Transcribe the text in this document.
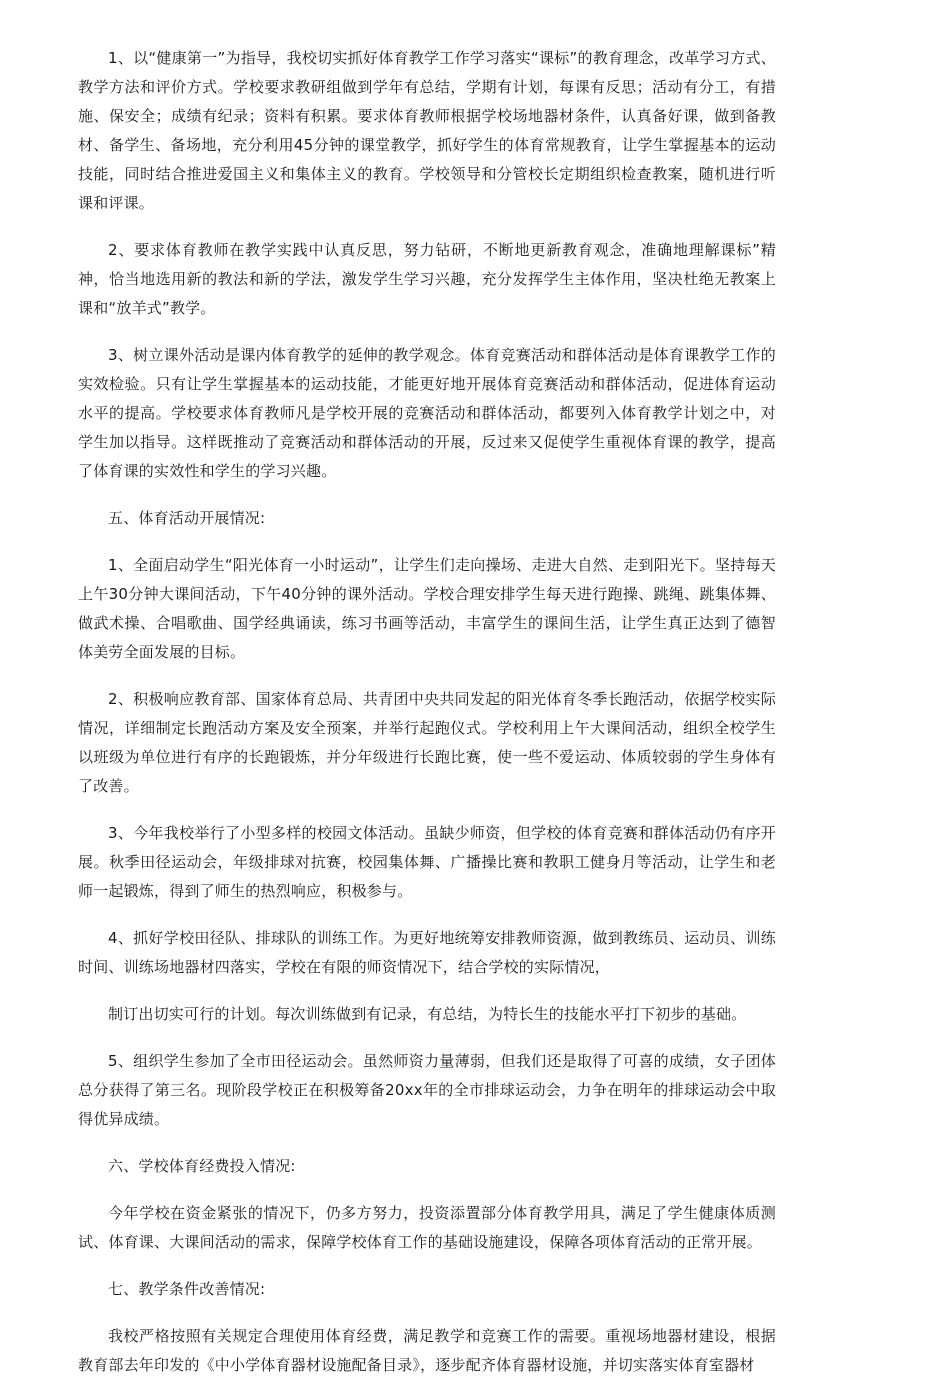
1、以“健康第一”为指导，我校切实抓好体育教学工作学习落实“课标”的教育理念，改革学习方式、教学方法和评价方式。学校要求教研组做到学年有总结，学期有计划，每课有反思；活动有分工，有措施、保安全；成绩有纪录；资料有积累。要求体育教师根据学校场地器材条件，认真备好课，做到备教材、备学生、备场地，充分利用45分钟的课堂教学，抓好学生的体育常规教育，让学生掌握基本的运动技能，同时结合推进爱国主义和集体主义的教育。学校领导和分管校长定期组织检查教案，随机进行听课和评课。

2、要求体育教师在教学实践中认真反思，努力钻研，不断地更新教育观念，准确地理解课标”精神，恰当地选用新的教法和新的学法，激发学生学习兴趣，充分发挥学生主体作用，坚决杜绝无教案上课和“放羊式”教学。

3、树立课外活动是课内体育教学的延伸的教学观念。体育竞赛活动和群体活动是体育课教学工作的实效检验。只有让学生掌握基本的运动技能，才能更好地开展体育竞赛活动和群体活动，促进体育运动水平的提高。学校要求体育教师凡是学校开展的竞赛活动和群体活动，都要列入体育教学计划之中，对学生加以指导。这样既推动了竞赛活动和群体活动的开展，反过来又促使学生重视体育课的教学，提高了体育课的实效性和学生的学习兴趣。

五、体育活动开展情况:

1、全面启动学生“阳光体育一小时运动”，让学生们走向操场、走进大自然、走到阳光下。坚持每天上午30分钟大课间活动，下午40分钟的课外活动。学校合理安排学生每天进行跑操、跳绳、跳集体舞、做武术操、合唱歌曲、国学经典诵读，练习书画等活动，丰富学生的课间生活，让学生真正达到了德智体美劳全面发展的目标。

2、积极响应教育部、国家体育总局、共青团中央共同发起的阳光体育冬季长跑活动，依据学校实际情况，详细制定长跑活动方案及安全预案，并举行起跑仪式。学校利用上午大课间活动，组织全校学生以班级为单位进行有序的长跑锻炼，并分年级进行长跑比赛，使一些不爱运动、体质较弱的学生身体有了改善。

3、今年我校举行了小型多样的校园文体活动。虽缺少师资，但学校的体育竞赛和群体活动仍有序开展。秋季田径运动会，年级排球对抗赛，校园集体舞、广播操比赛和教职工健身月等活动，让学生和老师一起锻炼，得到了师生的热烈响应，积极参与。

4、抓好学校田径队、排球队的训练工作。为更好地统筹安排教师资源，做到教练员、运动员、训练时间、训练场地器材四落实，学校在有限的师资情况下，结合学校的实际情况，

制订出切实可行的计划。每次训练做到有记录，有总结，为特长生的技能水平打下初步的基础。

5、组织学生参加了全市田径运动会。虽然师资力量薄弱，但我们还是取得了可喜的成绩，女子团体总分获得了第三名。现阶段学校正在积极筹备20xx年的全市排球运动会，力争在明年的排球运动会中取得优异成绩。

六、学校体育经费投入情况:

今年学校在资金紧张的情况下，仍多方努力，投资添置部分体育教学用具，满足了学生健康体质测试、体育课、大课间活动的需求，保障学校体育工作的基础设施建设，保障各项体育活动的正常开展。

七、教学条件改善情况:

我校严格按照有关规定合理使用体育经费，满足教学和竞赛工作的需要。重视场地器材建设，根据教育部去年印发的《中小学体育器材设施配备目录》，逐步配齐体育器材设施，并切实落实体育室器材
